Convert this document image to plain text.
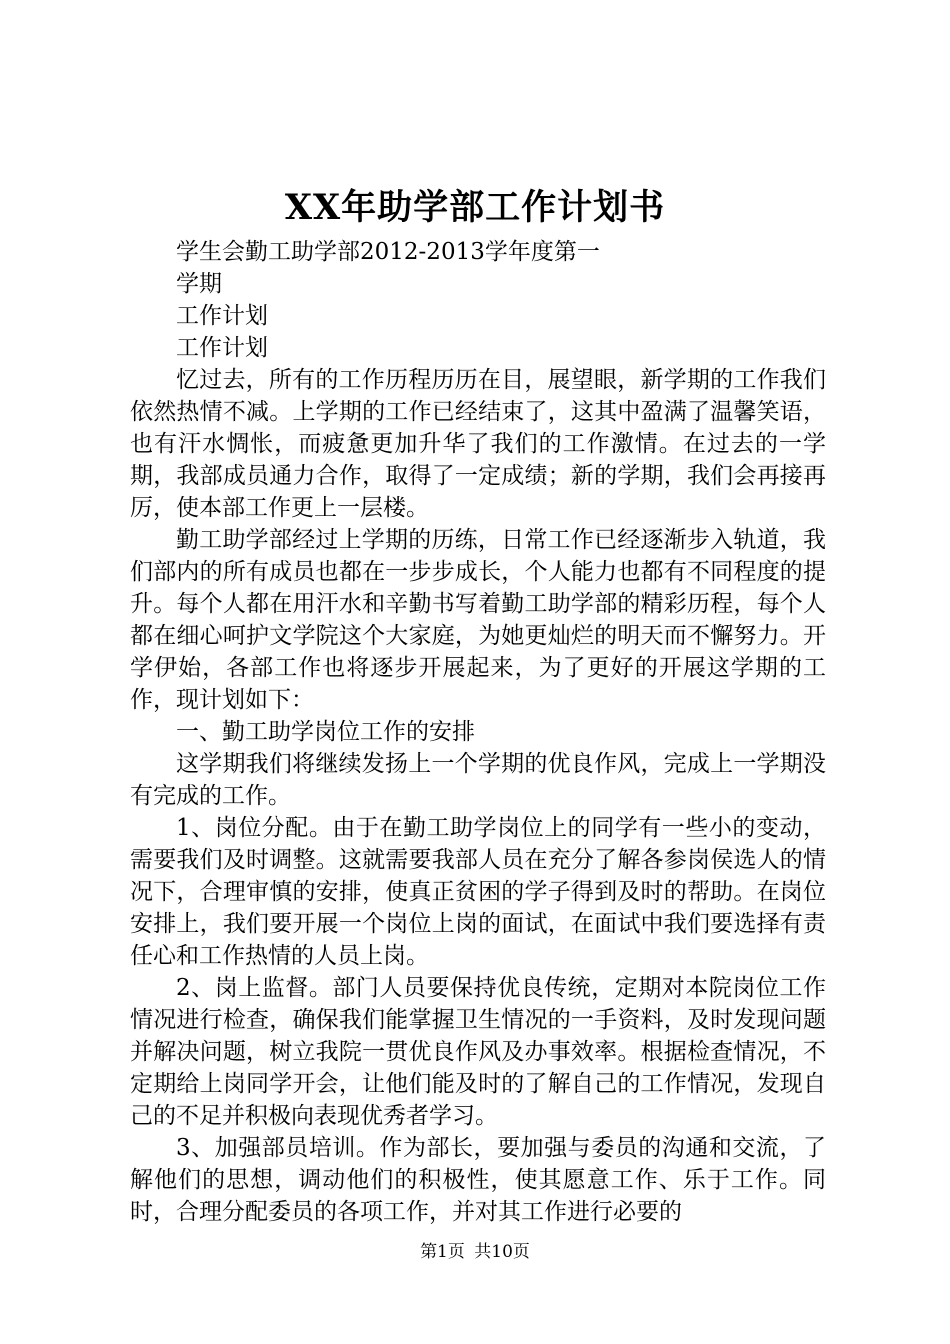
XX年助学部工作计划书

学生会勤工助学部2012-2013学年度第一

学期

工作计划

工作计划

忆过去，所有的工作历程历历在目，展望眼，新学期的工作我们依然热情不减。上学期的工作已经结束了，这其中盈满了温馨笑语，也有汗水惆怅，而疲惫更加升华了我们的工作激情。在过去的一学期，我部成员通力合作，取得了一定成绩；新的学期，我们会再接再厉，使本部工作更上一层楼。

勤工助学部经过上学期的历练，日常工作已经逐渐步入轨道，我们部内的所有成员也都在一步步成长，个人能力也都有不同程度的提升。每个人都在用汗水和辛勤书写着勤工助学部的精彩历程，每个人都在细心呵护文学院这个大家庭，为她更灿烂的明天而不懈努力。开学伊始，各部工作也将逐步开展起来，为了更好的开展这学期的工作，现计划如下：

一、勤工助学岗位工作的安排

这学期我们将继续发扬上一个学期的优良作风，完成上一学期没有完成的工作。

1、岗位分配。由于在勤工助学岗位上的同学有一些小的变动，需要我们及时调整。这就需要我部人员在充分了解各参岗侯选人的情况下，合理审慎的安排，使真正贫困的学子得到及时的帮助。在岗位安排上，我们要开展一个岗位上岗的面试，在面试中我们要选择有责任心和工作热情的人员上岗。

2、岗上监督。部门人员要保持优良传统，定期对本院岗位工作情况进行检查，确保我们能掌握卫生情况的一手资料，及时发现问题并解决问题，树立我院一贯优良作风及办事效率。根据检查情况，不定期给上岗同学开会，让他们能及时的了解自己的工作情况，发现自己的不足并积极向表现优秀者学习。

3、加强部员培训。作为部长，要加强与委员的沟通和交流，了解他们的思想，调动他们的积极性，使其愿意工作、乐于工作。同时，合理分配委员的各项工作，并对其工作进行必要的

第1页 共10页
